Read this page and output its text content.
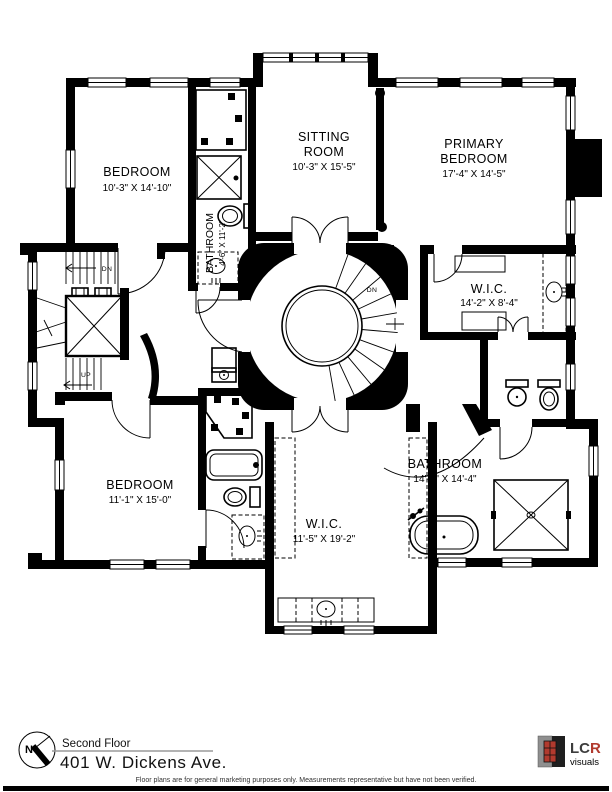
DN
DN
UP
BEDROOM
10'-3" X 14'-10"
SITTING
ROOM
10'-3" X 15'-5"
PRIMARY
BEDROOM
17'-4" X 14'-5"
BATHROOM 4'-6" X 11'-2"
W.I.C.
14'-2" X 8'-4"
BEDROOM
11'-1" X 15'-0"
W.I.C.
11'-5" X 19'-2"
BATHROOM
14'-9" X 14'-4"
N	Second Floor
401 W. Dickens Ave.
Floor plans are for general marketing purposes only. Measurements representative but have not been verified.
LCR
visuals
